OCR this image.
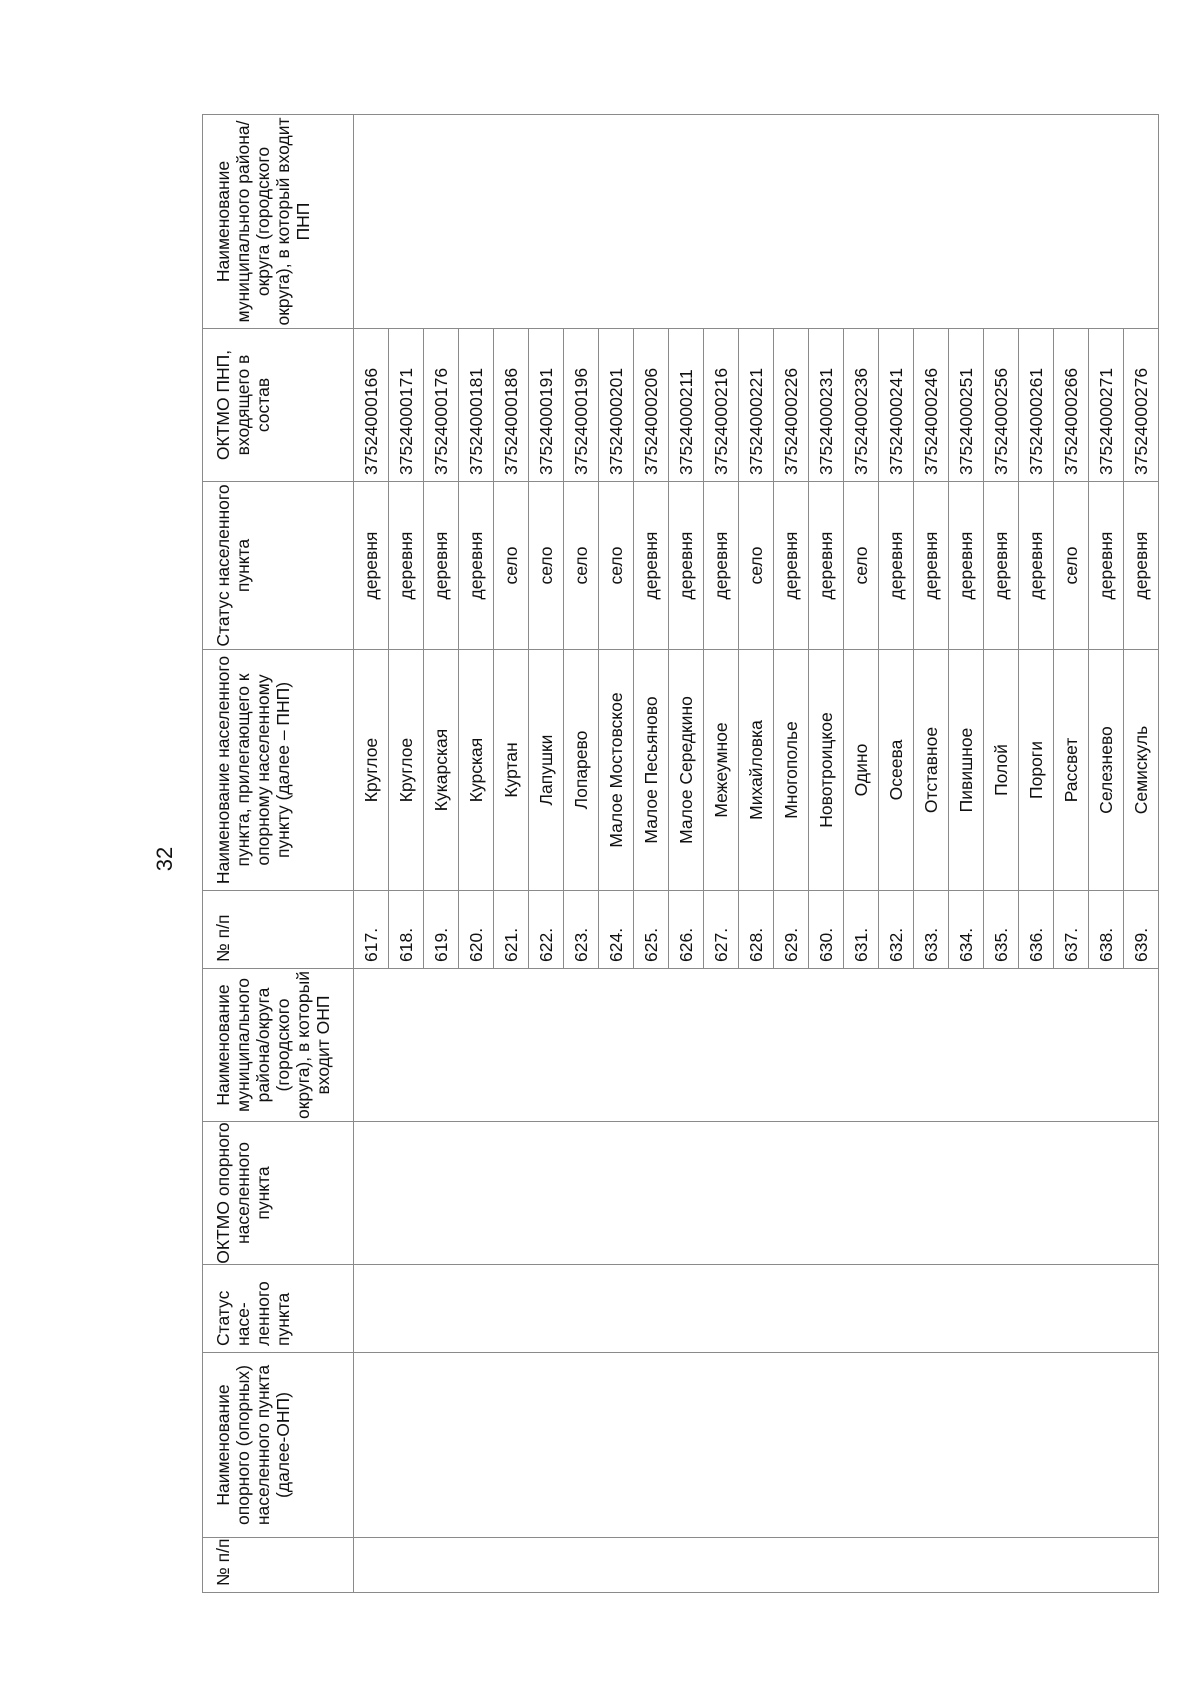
32
№ п/п	Наименование опорного (опорных) населенного пункта (далее-ОНП)	Статус насе-ленного пункта	ОКТМО опорного населенного пункта	Наименование муниципального района/округа (городского округа), в который входит ОНП	№ п/п	Наименование населенного пункта, прилегающего к опорному населенному пункту (далее – ПНП)	Статус населенного пункта	ОКТМО ПНП, входящего в состав	Наименование муниципального района/округа (городского округа), в который входит ПНП
					617.	Круглое	деревня	37524000166	
					618.	Круглое	деревня	37524000171	
					619.	Кукарская	деревня	37524000176	
					620.	Курская	деревня	37524000181	
					621.	Куртан	село	37524000186	
					622.	Лапушки	село	37524000191	
					623.	Лопарево	село	37524000196	
					624.	Малое Мостовское	село	37524000201	
					625.	Малое Песьяново	деревня	37524000206	
					626.	Малое Середкино	деревня	37524000211	
					627.	Межеумное	деревня	37524000216	
					628.	Михайловка	село	37524000221	
					629.	Многополье	деревня	37524000226	
					630.	Новотроицкое	деревня	37524000231	
					631.	Одино	село	37524000236	
					632.	Осеева	деревня	37524000241	
					633.	Отставное	деревня	37524000246	
					634.	Пивишное	деревня	37524000251	
					635.	Полой	деревня	37524000256	
					636.	Пороги	деревня	37524000261	
					637.	Рассвет	село	37524000266	
					638.	Селезнево	деревня	37524000271	
					639.	Семискуль	деревня	37524000276	
